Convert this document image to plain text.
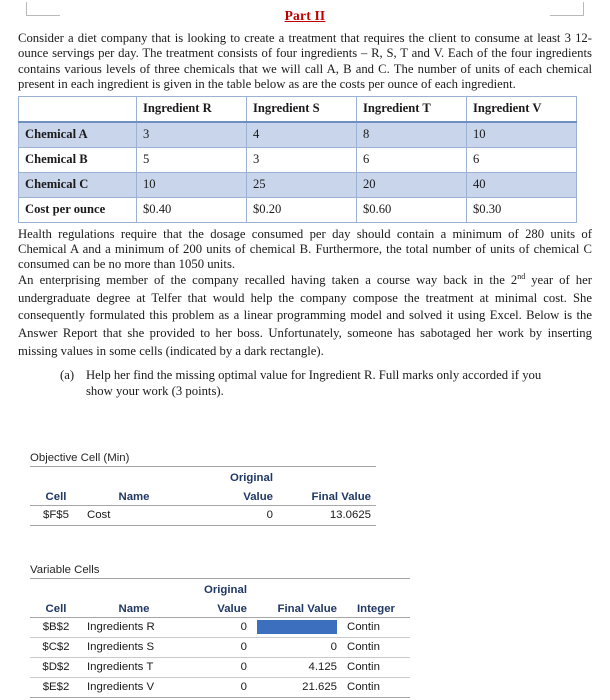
Part II

Consider a diet company that is looking to create a treatment that requires the client to consume at least 3 12-ounce servings per day. The treatment consists of four ingredients – R, S, T and V. Each of the four ingredients contains various levels of three chemicals that we will call A, B and C. The number of units of each chemical present in each ingredient is given in the table below as are the costs per ounce of each ingredient.

	Ingredient R	Ingredient S	Ingredient T	Ingredient V
Chemical A	3	4	8	10
Chemical B	5	3	6	6
Chemical C	10	25	20	40
Cost per ounce	$0.40	$0.20	$0.60	$0.30

Health regulations require that the dosage consumed per day should contain a minimum of 280 units of Chemical A and a minimum of 200 units of chemical B. Furthermore, the total number of units of chemical C consumed can be no more than 1050 units.

An enterprising member of the company recalled having taken a course way back in the 2nd year of her undergraduate degree at Telfer that would help the company compose the treatment at minimal cost. She consequently formulated this problem as a linear programming model and solved it using Excel. Below is the Answer Report that she provided to her boss. Unfortunately, someone has sabotaged her work by inserting missing values in some cells (indicated by a dark rectangle).

(a) Help her find the missing optimal value for Ingredient R. Full marks only accorded if you show your work (3 points).
Objective Cell (Min)
		Original	
Cell	Name	Value	Final Value
$F$5	Cost	0	13.0625
Variable Cells
		Original		
Cell	Name	Value	Final Value	Integer
$B$2	Ingredients R	0		Contin
$C$2	Ingredients S	0	0	Contin
$D$2	Ingredients T	0	4.125	Contin
$E$2	Ingredients V	0	21.625	Contin
